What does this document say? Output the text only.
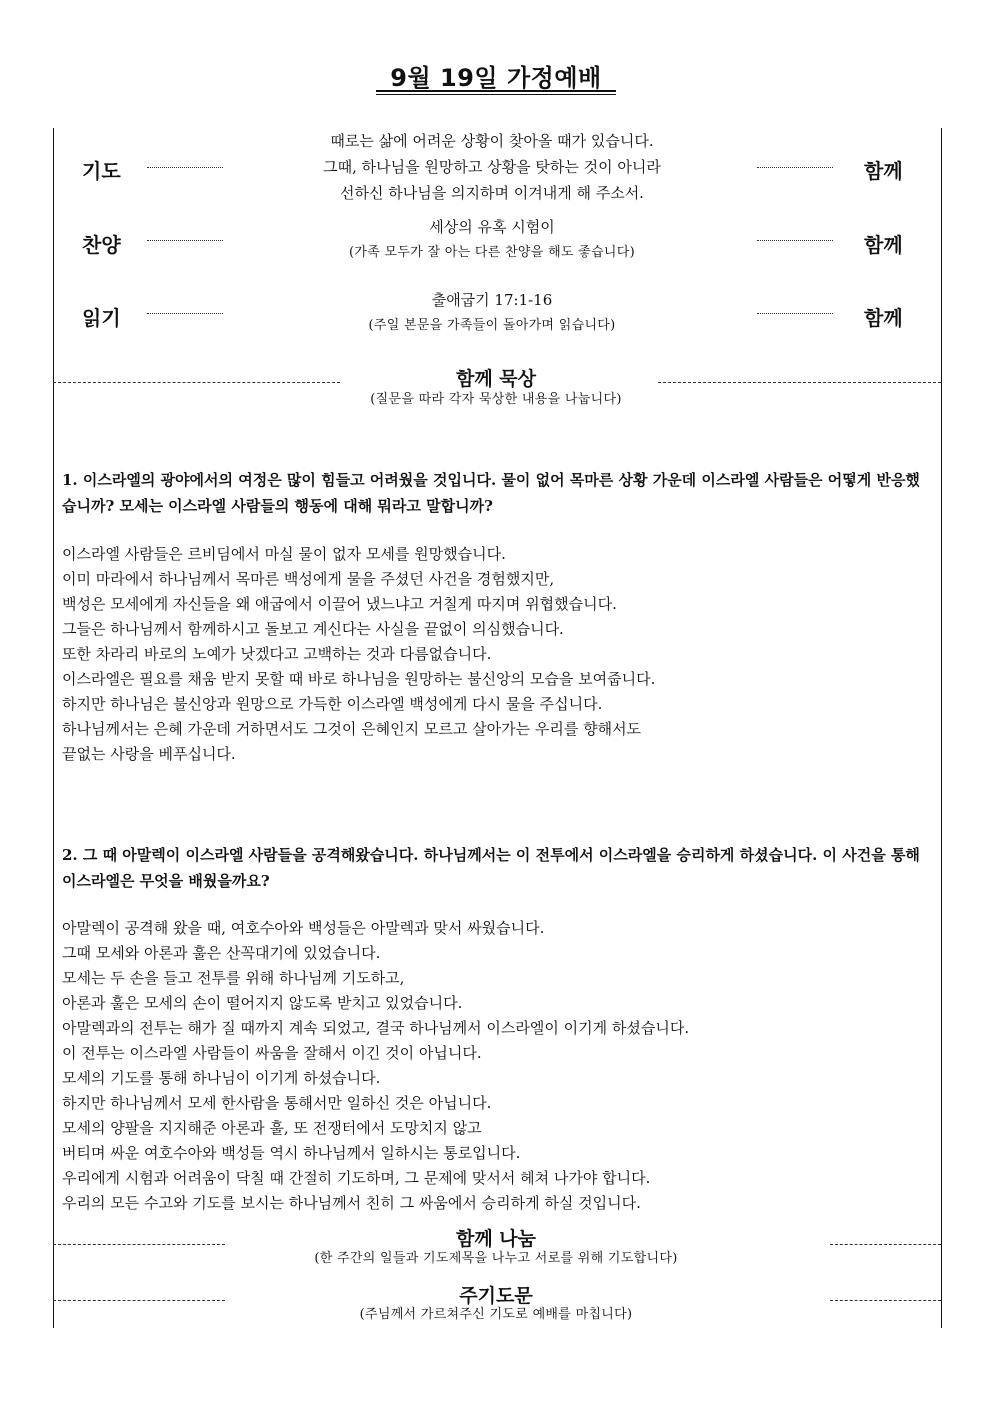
9월 19일 가정예배
기도
때로는 삶에 어려운 상황이 찾아올 때가 있습니다.
그때, 하나님을 원망하고 상황을 탓하는 것이 아니라
선하신 하나님을 의지하며 이겨내게 해 주소서.
함께
찬양
세상의 유혹 시험이
(가족 모두가 잘 아는 다른 찬양을 해도 좋습니다)	함께
읽기
출애굽기 17:1-16
(주일 본문을 가족들이 돌아가며 읽습니다)	함께
함께 묵상
(질문을 따라 각자 묵상한 내용을 나눕니다)
1. 이스라엘의 광야에서의 여정은 많이 힘들고 어려웠을 것입니다. 물이 없어 목마른 상황 가운데 이스라엘 사람들은 어떻게 반응했습니까? 모세는 이스라엘 사람들의 행동에 대해 뭐라고 말합니까?
이스라엘 사람들은 르비딤에서 마실 물이 없자 모세를 원망했습니다.
이미 마라에서 하나님께서 목마른 백성에게 물을 주셨던 사건을 경험했지만,
백성은 모세에게 자신들을 왜 애굽에서 이끌어 냈느냐고 거칠게 따지며 위협했습니다.
그들은 하나님께서 함께하시고 돌보고 계신다는 사실을 끝없이 의심했습니다.
또한 차라리 바로의 노예가 낫겠다고 고백하는 것과 다름없습니다.
이스라엘은 필요를 채움 받지 못할 때 바로 하나님을 원망하는 불신앙의 모습을 보여줍니다.
하지만 하나님은 불신앙과 원망으로 가득한 이스라엘 백성에게 다시 물을 주십니다.
하나님께서는 은혜 가운데 거하면서도 그것이 은혜인지 모르고 살아가는 우리를 향해서도
끝없는 사랑을 베푸십니다.
2. 그 때 아말렉이 이스라엘 사람들을 공격해왔습니다. 하나님께서는 이 전투에서 이스라엘을 승리하게 하셨습니다. 이 사건을 통해 이스라엘은 무엇을 배웠을까요?
아말렉이 공격해 왔을 때, 여호수아와 백성들은 아말렉과 맞서 싸웠습니다.
그때 모세와 아론과 훌은 산꼭대기에 있었습니다.
모세는 두 손을 들고 전투를 위해 하나님께 기도하고,
아론과 훌은 모세의 손이 떨어지지 않도록 받치고 있었습니다.
아말렉과의 전투는 해가 질 때까지 계속 되었고, 결국 하나님께서 이스라엘이 이기게 하셨습니다.
이 전투는 이스라엘 사람들이 싸움을 잘해서 이긴 것이 아닙니다.
모세의 기도를 통해 하나님이 이기게 하셨습니다.
하지만 하나님께서 모세 한사람을 통해서만 일하신 것은 아닙니다.
모세의 양팔을 지지해준 아론과 훌, 또 전쟁터에서 도망치지 않고
버티며 싸운 여호수아와 백성들 역시 하나님께서 일하시는 통로입니다.
우리에게 시험과 어려움이 닥칠 때 간절히 기도하며, 그 문제에 맞서서 헤쳐 나가야 합니다.
우리의 모든 수고와 기도를 보시는 하나님께서 친히 그 싸움에서 승리하게 하실 것입니다.
함께 나눔
(한 주간의 일들과 기도제목을 나누고 서로를 위해 기도합니다)
주기도문
(주님께서 가르쳐주신 기도로 예배를 마칩니다)
